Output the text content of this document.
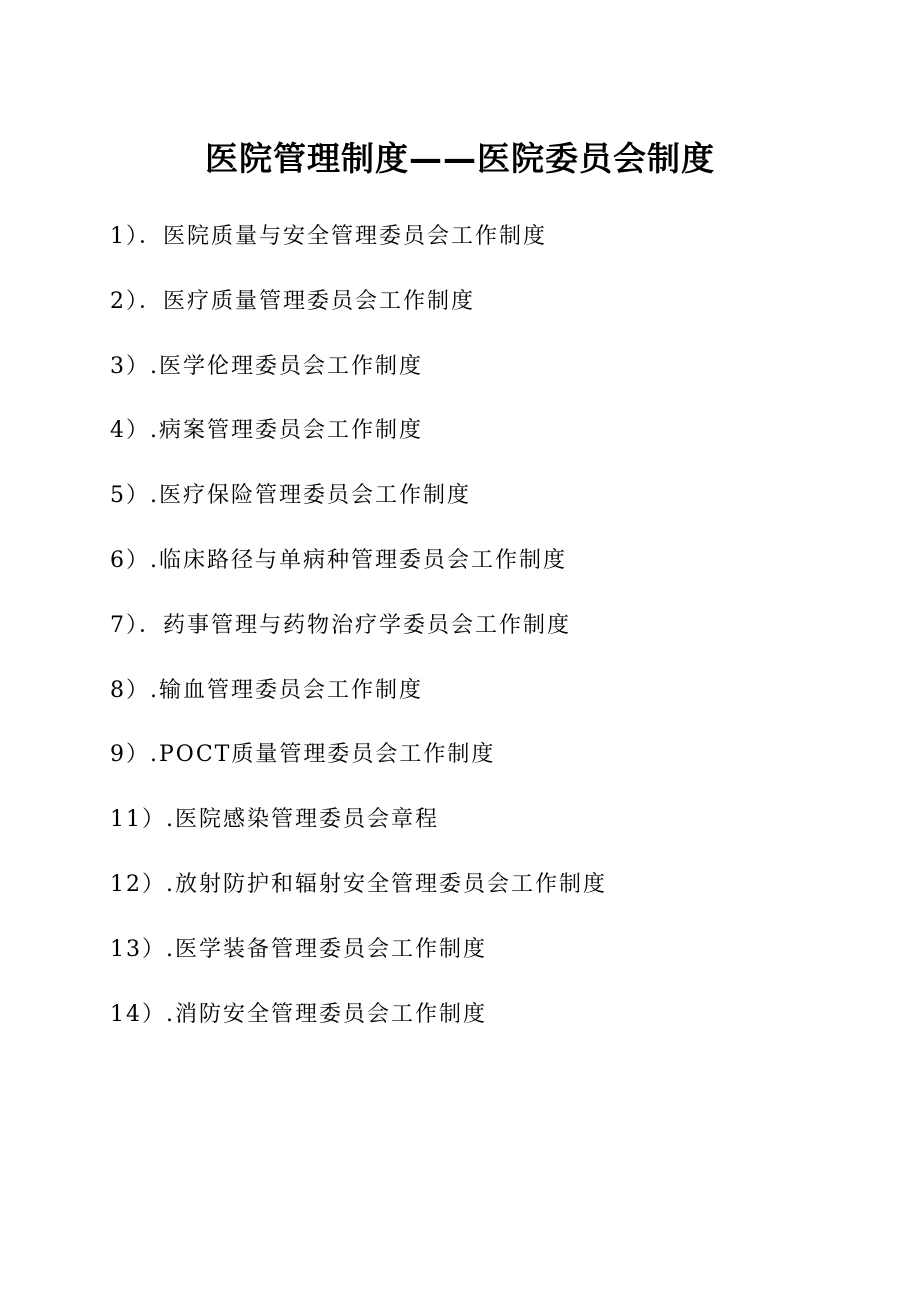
医院管理制度——医院委员会制度
1）．医院质量与安全管理委员会工作制度
2）．医疗质量管理委员会工作制度
3）.医学伦理委员会工作制度
4）.病案管理委员会工作制度
5）.医疗保险管理委员会工作制度
6）.临床路径与单病种管理委员会工作制度
7）．药事管理与药物治疗学委员会工作制度
8）.输血管理委员会工作制度
9）.POCT质量管理委员会工作制度
11）.医院感染管理委员会章程
12）.放射防护和辐射安全管理委员会工作制度
13）.医学装备管理委员会工作制度
14）.消防安全管理委员会工作制度
